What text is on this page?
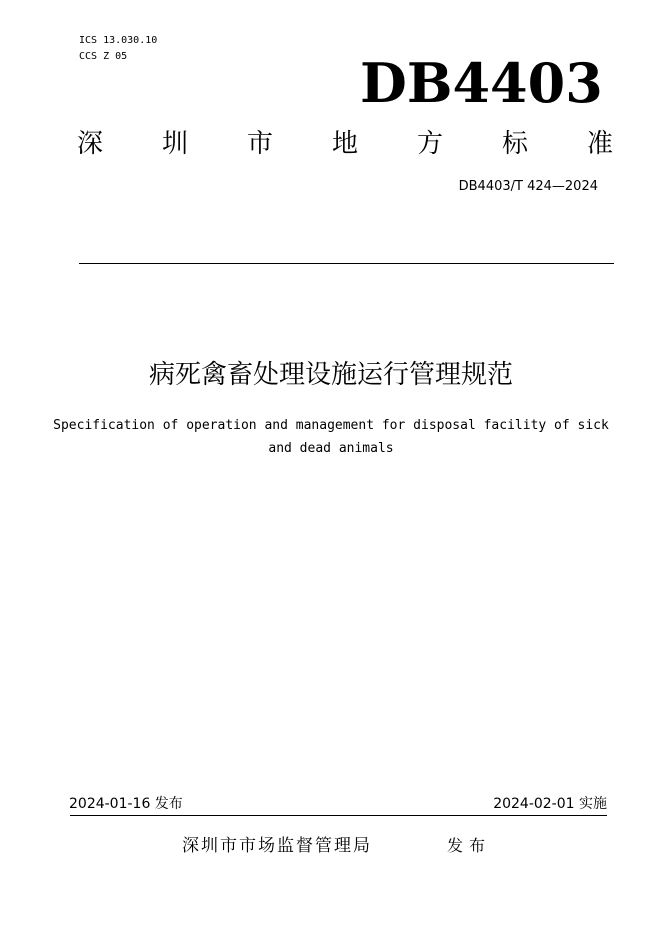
ICS 13.030.10
CCS Z 05	DB4403
深 圳 市 地 方 标 准
DB4403/T 424—2024
病死禽畜处理设施运行管理规范
Specification of operation and management for disposal facility of sick
and dead animals
2024-01-16 发布	2024-02-01 实施
深圳市市场监督管理局	发布
